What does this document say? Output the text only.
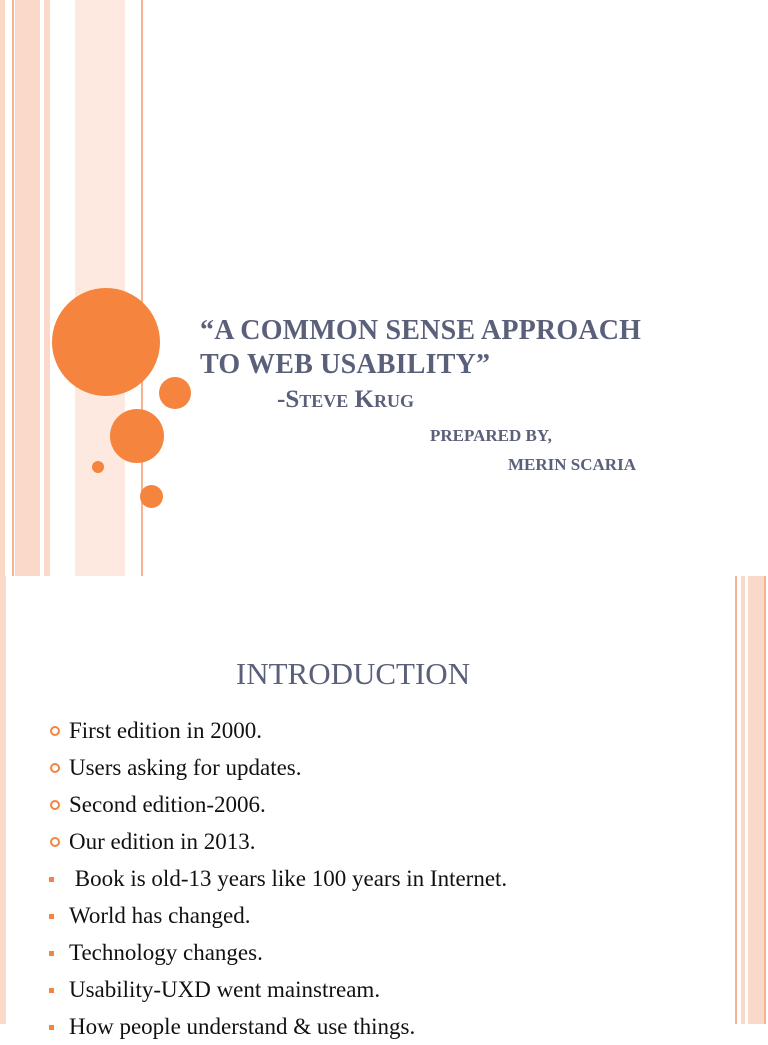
“A COMMON SENSE APPROACH
TO WEB USABILITY”
-Steve Krug
PREPARED BY,
MERIN SCARIA
INTRODUCTION
First edition in 2000.
Users asking for updates.
Second edition-2006.
Our edition in 2013.
Book is old-13 years like 100 years in Internet.
World has changed.
Technology changes.
Usability-UXD went mainstream.
How people understand & use things.
